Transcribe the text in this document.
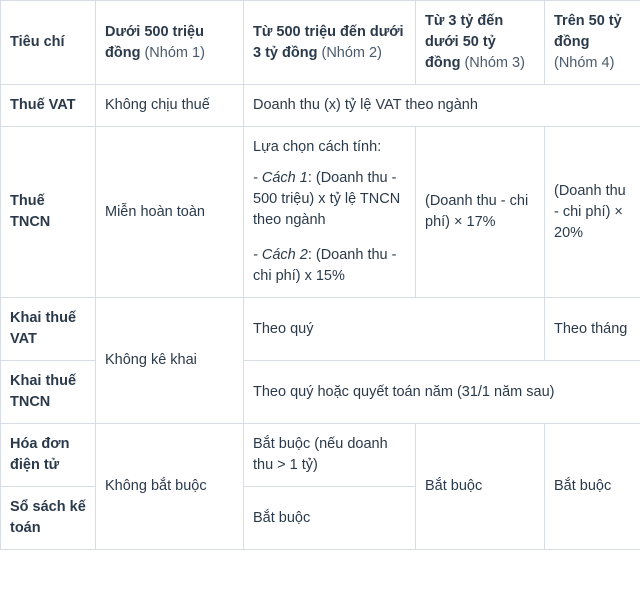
Tiêu chí	Dưới 500 triệu đồng (Nhóm 1)	Từ 500 triệu đến dưới 3 tỷ đồng (Nhóm 2)	Từ 3 tỷ đến dưới 50 tỷ đồng (Nhóm 3)	Trên 50 tỷ đồng (Nhóm 4)
Thuế VAT	Không chịu thuế	Doanh thu (x) tỷ lệ VAT theo ngành		
Thuế TNCN	Miễn hoàn toàn	Lựa chọn cách tính:

- Cách 1: (Doanh thu - 500 triệu) x tỷ lệ TNCN theo ngành

- Cách 2: (Doanh thu - chi phí) x 15%	(Doanh thu - chi phí) × 17%	(Doanh thu - chi phí) × 20%
Khai thuế VAT	Không kê khai	Theo quý		Theo tháng
Khai thuế TNCN		Theo quý hoặc quyết toán năm (31/1 năm sau)		
Hóa đơn điện tử	Không bắt buộc	Bắt buộc (nếu doanh thu > 1 tỷ)	Bắt buộc	Bắt buộc
Sổ sách kế toán		Bắt buộc		
